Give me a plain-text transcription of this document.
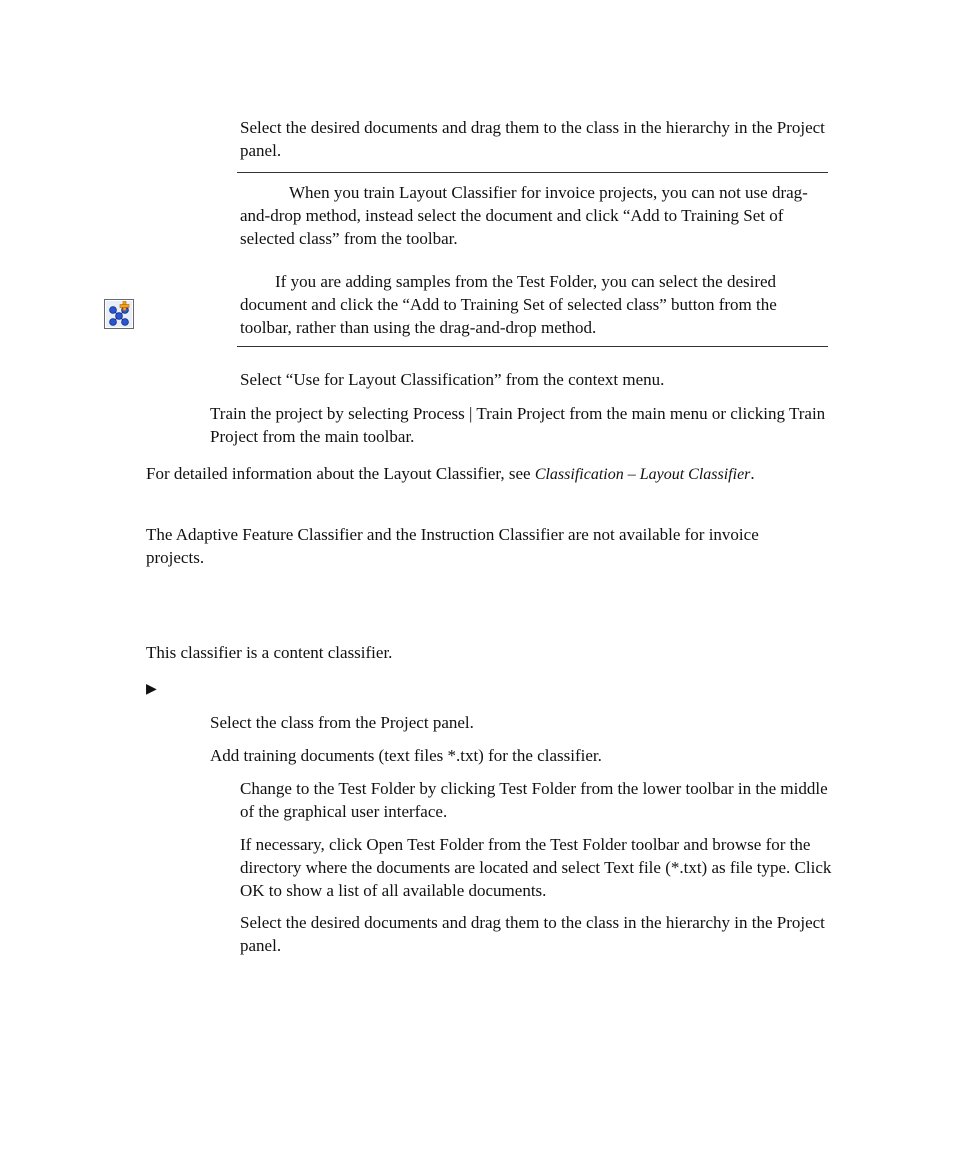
Select the desired documents and drag them to the class in the hierarchy in the Project panel.

When you train Layout Classifier for invoice projects, you can not use drag-and-drop method, instead select the document and click “Add to Training Set of selected class” from the toolbar.

If you are adding samples from the Test Folder, you can select the desired document and click the “Add to Training Set of selected class” button from the toolbar, rather than using the drag-and-drop method.

Select “Use for Layout Classification” from the context menu.

Train the project by selecting Process | Train Project from the main menu or clicking Train Project from the main toolbar.

For detailed information about the Layout Classifier, see Classification – Layout Classifier.

The Adaptive Feature Classifier and the Instruction Classifier are not available for invoice projects.

This classifier is a content classifier.

▶

Select the class from the Project panel.

Add training documents (text files *.txt) for the classifier.

Change to the Test Folder by clicking Test Folder from the lower toolbar in the middle of the graphical user interface.

If necessary, click Open Test Folder from the Test Folder toolbar and browse for the directory where the documents are located and select Text file (*.txt) as file type. Click OK to show a list of all available documents.

Select the desired documents and drag them to the class in the hierarchy in the Project panel.
